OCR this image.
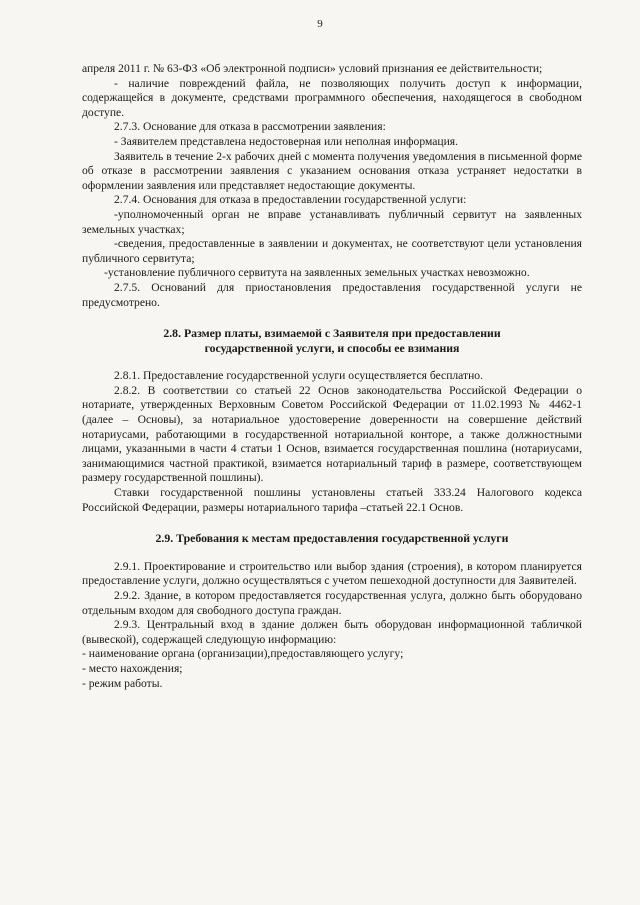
9

апреля 2011 г. № 63-ФЗ «Об электронной подписи» условий признания ее действительности;

- наличие повреждений файла, не позволяющих получить доступ к информации, содержащейся в документе, средствами программного обеспечения, находящегося в свободном доступе.

2.7.3. Основание для отказа в рассмотрении заявления:

- Заявителем представлена недостоверная или неполная информация.

Заявитель в течение 2-х рабочих дней с момента получения уведомления в письменной форме об отказе в рассмотрении заявления с указанием основания отказа устраняет недостатки в оформлении заявления или представляет недостающие документы.

2.7.4. Основания для отказа в предоставлении государственной услуги:

-уполномоченный орган не вправе устанавливать публичный сервитут на заявленных земельных участках;

-сведения, предоставленные в заявлении и документах, не соответствуют цели установления публичного сервитута;

-установление публичного сервитута на заявленных земельных участках невозможно.

2.7.5. Оснований для приостановления предоставления государственной услуги не предусмотрено.

2.8. Размер платы, взимаемой с Заявителя при предоставлении

государственной услуги, и способы ее взимания

2.8.1. Предоставление государственной услуги осуществляется бесплатно.

2.8.2. В соответствии со статьей 22 Основ законодательства Российской Федерации о нотариате, утвержденных Верховным Советом Российской Федерации от 11.02.1993 № 4462-1 (далее – Основы), за нотариальное удостоверение доверенности на совершение действий нотариусами, работающими в государственной нотариальной конторе, а также должностными лицами, указанными в части 4 статьи 1 Основ, взимается государственная пошлина (нотариусами, занимающимися частной практикой, взимается нотариальный тариф в размере, соответствующем размеру государственной пошлины).

Ставки государственной пошлины установлены статьей 333.24 Налогового кодекса Российской Федерации, размеры нотариального тарифа –статьей 22.1 Основ.

2.9. Требования к местам предоставления государственной услуги

2.9.1. Проектирование и строительство или выбор здания (строения), в котором планируется предоставление услуги, должно осуществляться с учетом пешеходной доступности для Заявителей.

2.9.2. Здание, в котором предоставляется государственная услуга, должно быть оборудовано отдельным входом для свободного доступа граждан.

2.9.3. Центральный вход в здание должен быть оборудован информационной табличкой (вывеской), содержащей следующую информацию:

- наименование органа (организации),предоставляющего услугу;

- место нахождения;

- режим работы.
